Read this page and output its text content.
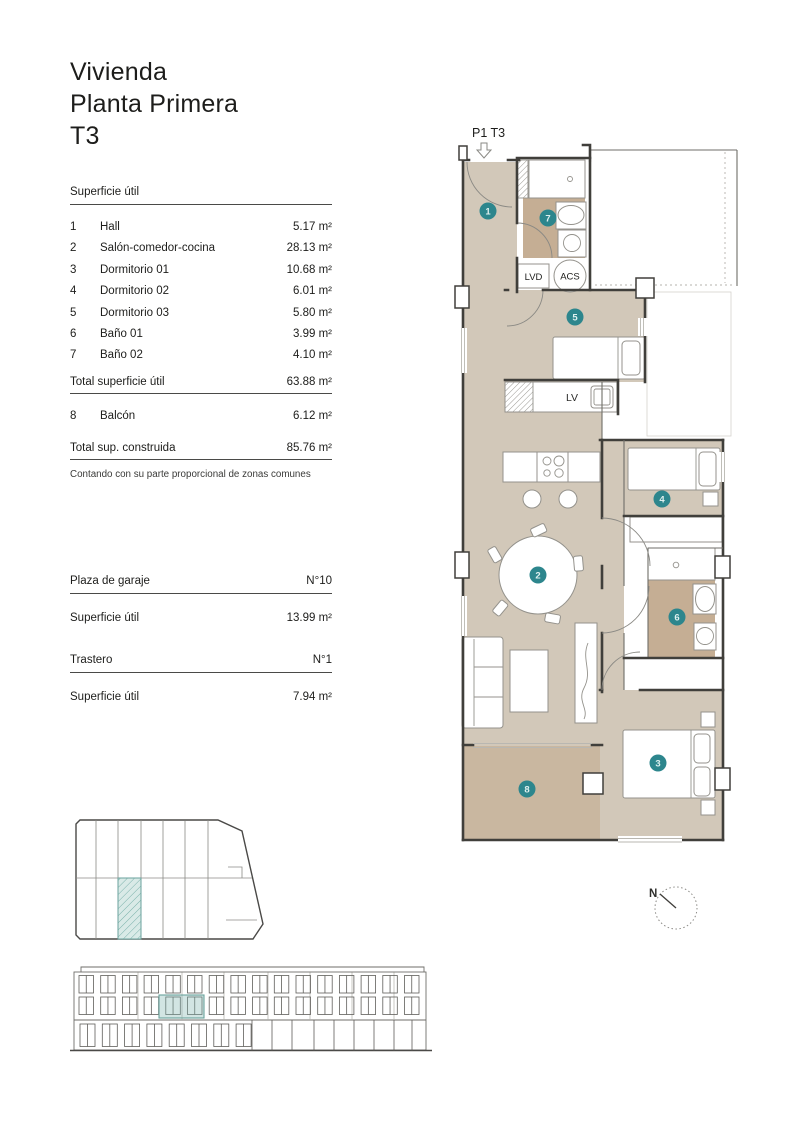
Vivienda
Planta Primera
T3
Superficie útil
1	Hall	5.17 m²
2	Salón-comedor-cocina	28.13 m²
3	Dormitorio 01	10.68 m²
4	Dormitorio 02	6.01 m²
5	Dormitorio 03	5.80 m²
6	Baño 01	3.99 m²
7	Baño 02	4.10 m²
Total superficie útil	63.88 m²
8	Balcón	6.12 m²
Total sup. construida	85.76 m²
Contando con su parte proporcional de zonas comunes
Plaza de garaje	N°10
Superficie útil	13.99 m²
Trastero	N°1
Superficie útil	7.94 m²
P1 T3
LVD ACS
LV
1
2
3
4
5
6
7
8
N
